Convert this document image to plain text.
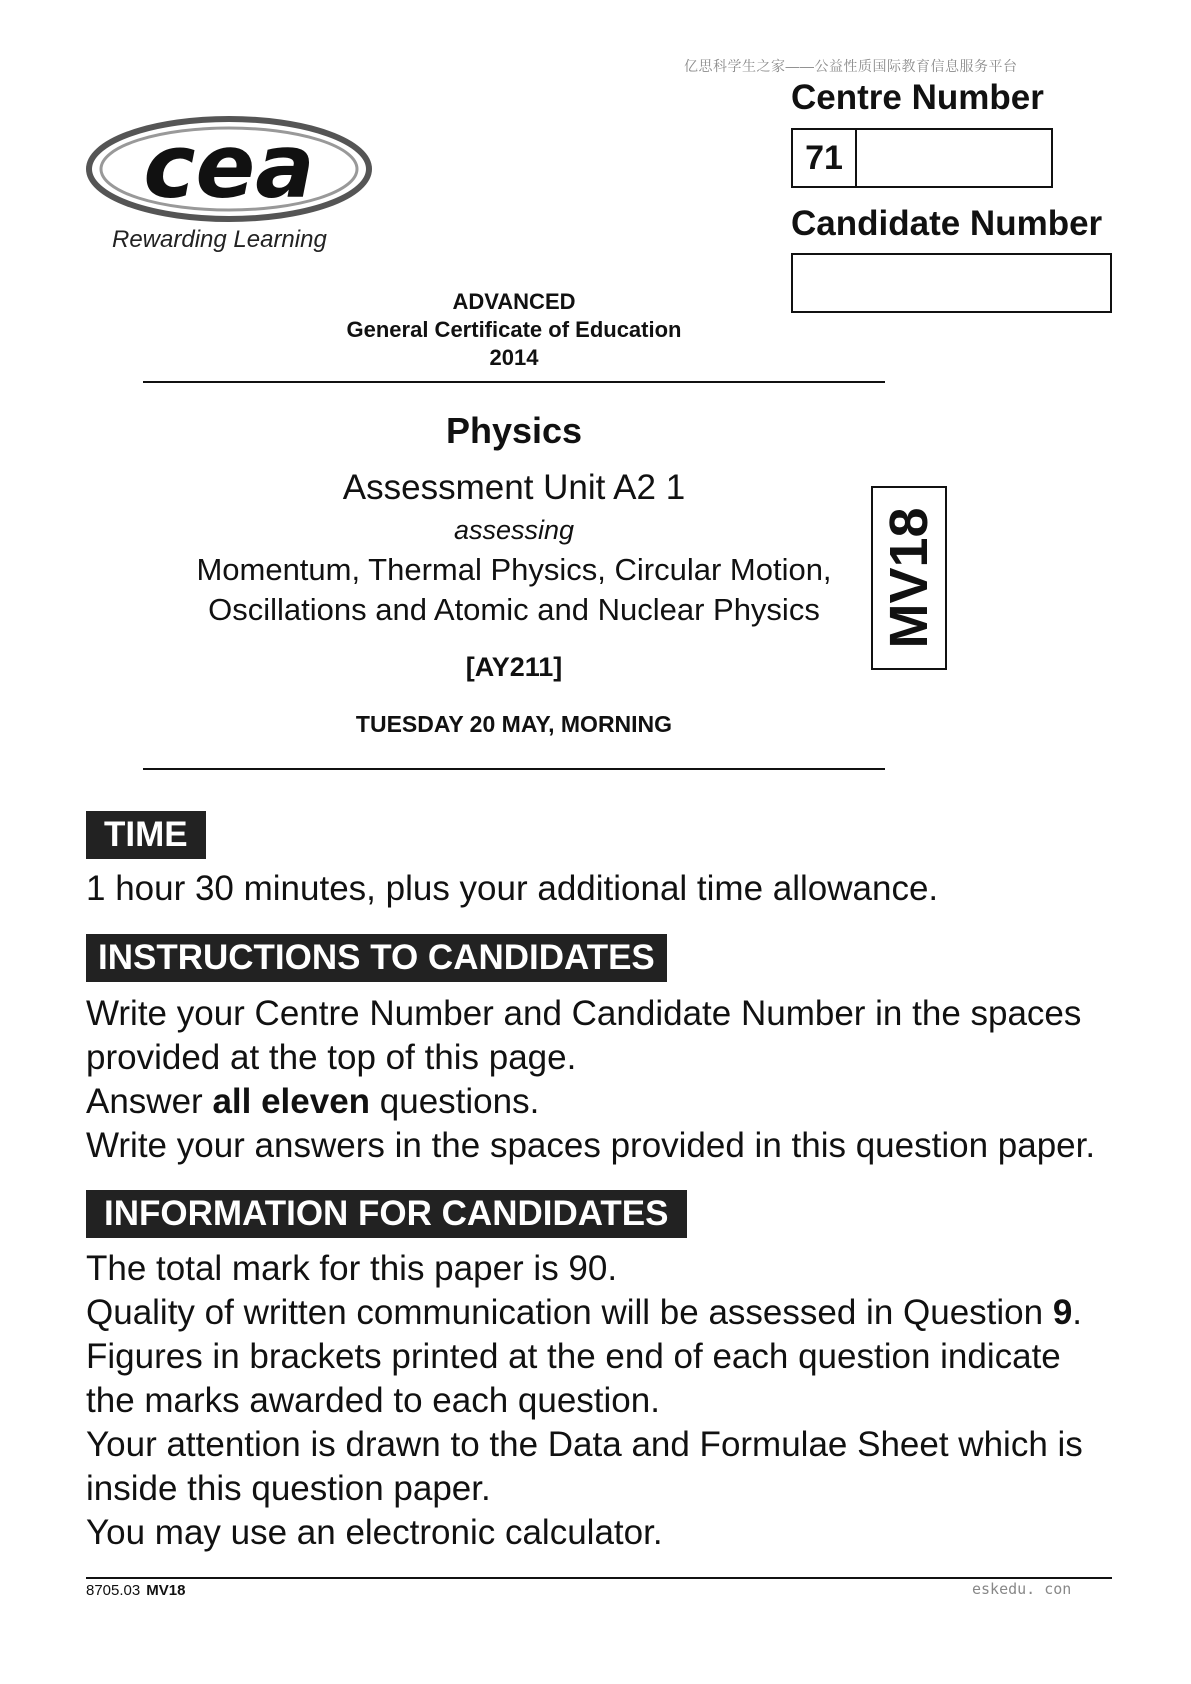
亿思科学生之家——公益性质国际教育信息服务平台
cea
Rewarding Learning
Centre Number
71
Candidate Number
ADVANCED
General Certificate of Education
2014
Physics
Assessment Unit A2 1
assessing
Momentum, Thermal Physics, Circular Motion,
Oscillations and Atomic and Nuclear Physics
[AY211]
TUESDAY 20 MAY, MORNING
MV18
TIME
1 hour 30 minutes, plus your additional time allowance.
INSTRUCTIONS TO CANDIDATES
Write your Centre Number and Candidate Number in the spaces
provided at the top of this page.
Answer all eleven questions.
Write your answers in the spaces provided in this question paper.
INFORMATION FOR CANDIDATES
The total mark for this paper is 90.
Quality of written communication will be assessed in Question 9.
Figures in brackets printed at the end of each question indicate
the marks awarded to each question.
Your attention is drawn to the Data and Formulae Sheet which is
inside this question paper.
You may use an electronic calculator.
8705.03 MV18	eskedu. con
